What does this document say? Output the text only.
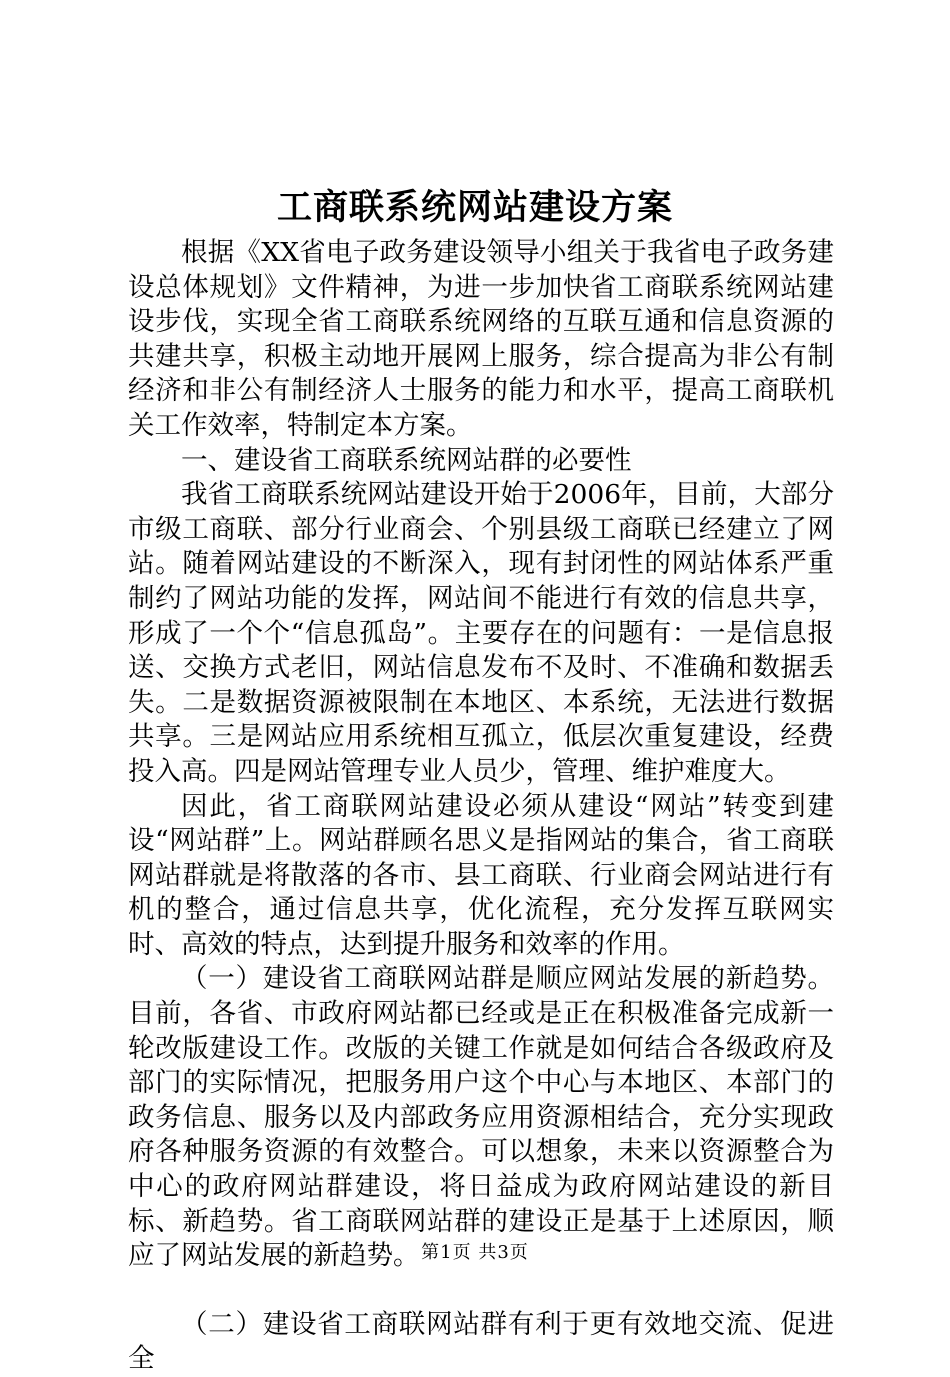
工商联系统网站建设方案

根据《XX省电子政务建设领导小组关于我省电子政务建设总体规划》文件精神，为进一步加快省工商联系统网站建设步伐，实现全省工商联系统网络的互联互通和信息资源的共建共享，积极主动地开展网上服务，综合提高为非公有制经济和非公有制经济人士服务的能力和水平，提高工商联机关工作效率，特制定本方案。

一、建设省工商联系统网站群的必要性

我省工商联系统网站建设开始于2006年，目前，大部分市级工商联、部分行业商会、个别县级工商联已经建立了网站。随着网站建设的不断深入，现有封闭性的网站体系严重制约了网站功能的发挥，网站间不能进行有效的信息共享，形成了一个个“信息孤岛”。主要存在的问题有：一是信息报送、交换方式老旧，网站信息发布不及时、不准确和数据丢失。二是数据资源被限制在本地区、本系统，无法进行数据共享。三是网站应用系统相互孤立，低层次重复建设，经费投入高。四是网站管理专业人员少，管理、维护难度大。

因此，省工商联网站建设必须从建设“网站”转变到建设“网站群”上。网站群顾名思义是指网站的集合，省工商联网站群就是将散落的各市、县工商联、行业商会网站进行有机的整合，通过信息共享，优化流程，充分发挥互联网实时、高效的特点，达到提升服务和效率的作用。

（一）建设省工商联网站群是顺应网站发展的新趋势。目前，各省、市政府网站都已经或是正在积极准备完成新一轮改版建设工作。改版的关键工作就是如何结合各级政府及部门的实际情况，把服务用户这个中心与本地区、本部门的政务信息、服务以及内部政务应用资源相结合，充分实现政府各种服务资源的有效整合。可以想象，未来以资源整合为中心的政府网站群建设，将日益成为政府网站建设的新目标、新趋势。省工商联网站群的建设正是基于上述原因，顺应了网站发展的新趋势。

（二）建设省工商联网站群有利于更有效地交流、促进全

第1页 共3页
